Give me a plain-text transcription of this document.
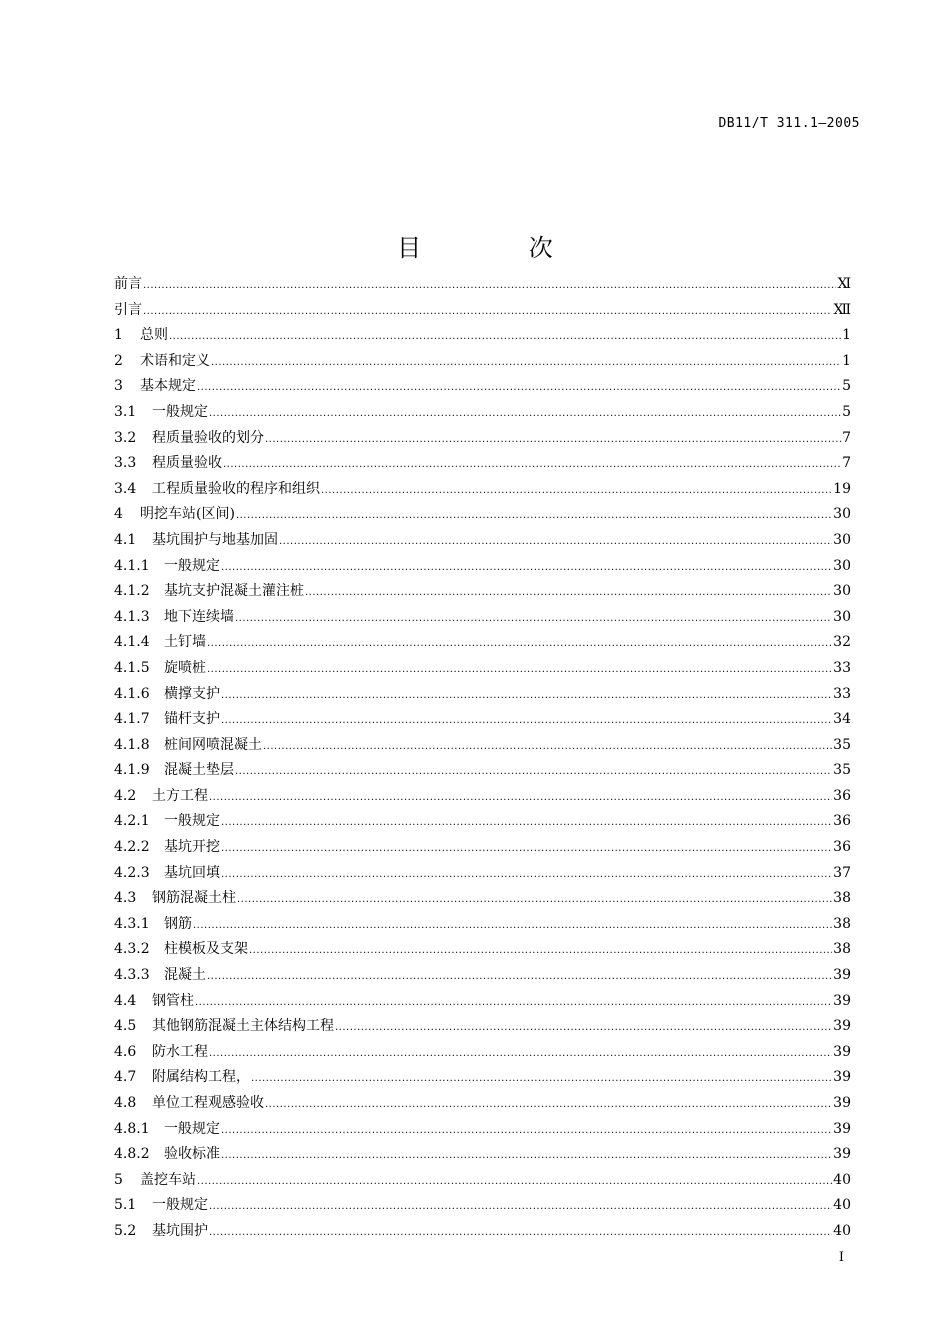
DB11/T 311.1—2005
目 次
前言 .....	Ⅺ
引言 .....	Ⅻ
1	总则 .....	1
2	术语和定义 .....	1
3	基本规定 .....	5
3.1	一般规定 .....	5
3.2	程质量验收的划分 .....	7
3.3	程质量验收 .....	7
3.4	工程质量验收的程序和组织 .....	19
4	明挖车站(区间) .....	30
4.1	基坑围护与地基加固 .....	30
4.1.1	一般规定 .....	30
4.1.2	基坑支护混凝土灌注桩 .....	30
4.1.3	地下连续墙 .....	30
4.1.4	土钉墙 .....	32
4.1.5	旋喷桩 .....	33
4.1.6	横撑支护 .....	33
4.1.7	锚杆支护 .....	34
4.1.8	桩间网喷混凝土 .....	35
4.1.9	混凝土垫层 .....	35
4.2	土方工程 .....	36
4.2.1	一般规定 .....	36
4.2.2	基坑开挖 .....	36
4.2.3	基坑回填 .....	37
4.3	钢筋混凝土柱 .....	38
4.3.1	钢筋 .....	38
4.3.2	柱模板及支架 .....	38
4.3.3	混凝土 .....	39
4.4	钢管柱 .....	39
4.5	其他钢筋混凝土主体结构工程 .....	39
4.6	防水工程 .....	39
4.7	附属结构工程， .....	39
4.8	单位工程观感验收 .....	39
4.8.1	一般规定 .....	39
4.8.2	验收标准 .....	39
5	盖挖车站 .....	40
5.1	一般规定 .....	40
5.2	基坑围护 .....	40
I
